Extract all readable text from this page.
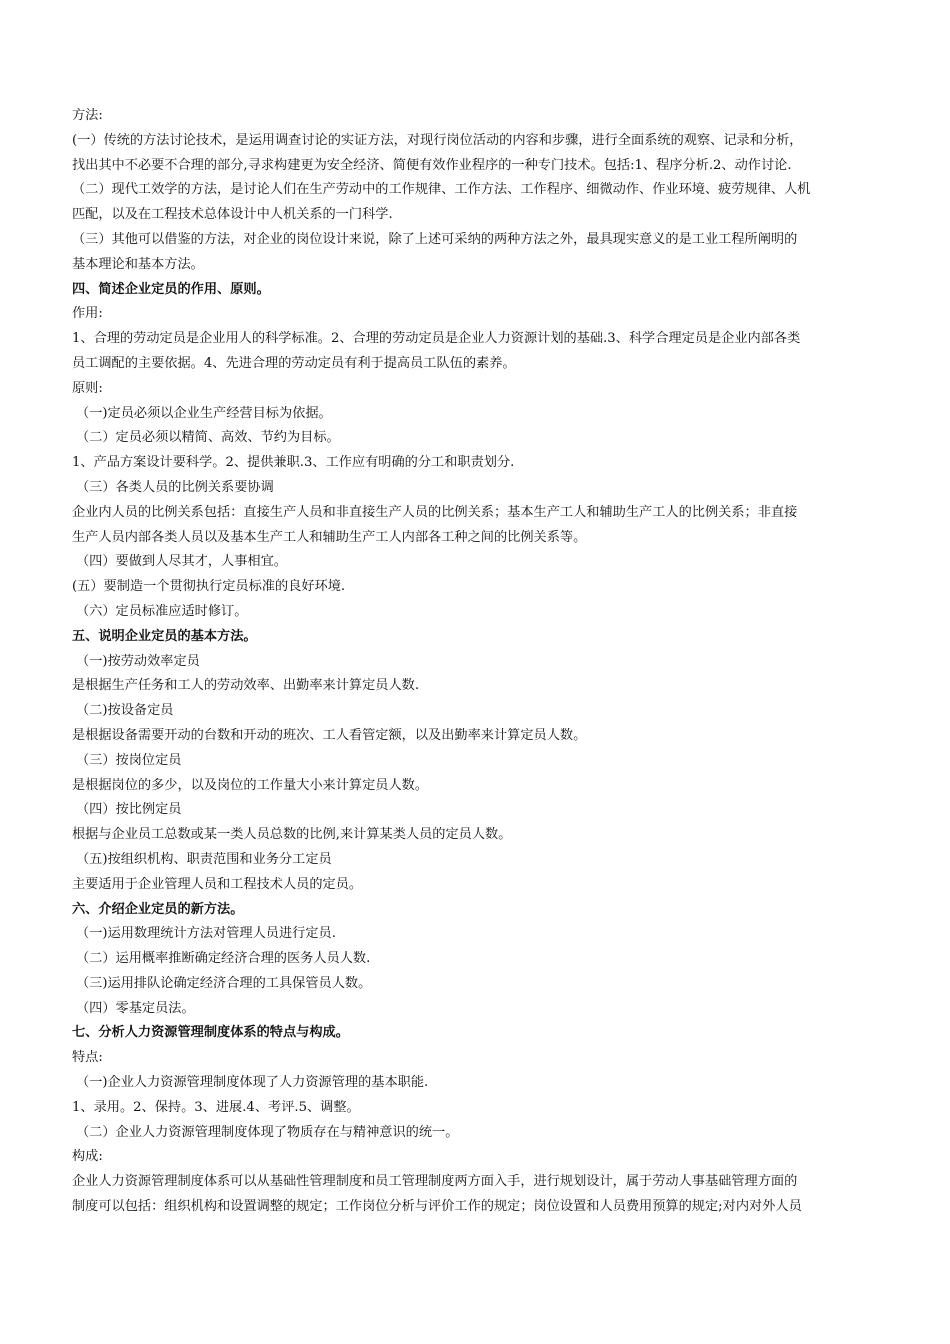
方法:
(一）传统的方法讨论技术，是运用调查讨论的实证方法，对现行岗位活动的内容和步骤，进行全面系统的观察、记录和分析，
找出其中不必要不合理的部分,寻求构建更为安全经济、简便有效作业程序的一种专门技术。包括:1、程序分析.2、动作讨论.
（二）现代工效学的方法，是讨论人们在生产劳动中的工作规律、工作方法、工作程序、细微动作、作业环境、疲劳规律、人机
匹配，以及在工程技术总体设计中人机关系的一门科学.
（三）其他可以借鉴的方法，对企业的岗位设计来说，除了上述可采纳的两种方法之外，最具现实意义的是工业工程所阐明的
基本理论和基本方法。
四、简述企业定员的作用、原则。
作用:
1、合理的劳动定员是企业用人的科学标准。2、合理的劳动定员是企业人力资源计划的基础.3、科学合理定员是企业内部各类
员工调配的主要依据。4、先进合理的劳动定员有利于提高员工队伍的素养。
原则:
（一)定员必须以企业生产经营目标为依据。
（二）定员必须以精简、高效、节约为目标。
1、产品方案设计要科学。2、提供兼职.3、工作应有明确的分工和职责划分.
（三）各类人员的比例关系要协调
企业内人员的比例关系包括：直接生产人员和非直接生产人员的比例关系；基本生产工人和辅助生产工人的比例关系；非直接
生产人员内部各类人员以及基本生产工人和辅助生产工人内部各工种之间的比例关系等。
（四）要做到人尽其才，人事相宜。
(五）要制造一个贯彻执行定员标准的良好环境.
（六）定员标准应适时修订。
五、说明企业定员的基本方法。
（一)按劳动效率定员
是根据生产任务和工人的劳动效率、出勤率来计算定员人数.
（二)按设备定员
是根据设备需要开动的台数和开动的班次、工人看管定额，以及出勤率来计算定员人数。
（三）按岗位定员
是根据岗位的多少，以及岗位的工作量大小来计算定员人数。
（四）按比例定员
根据与企业员工总数或某一类人员总数的比例,来计算某类人员的定员人数。
（五)按组织机构、职责范围和业务分工定员
主要适用于企业管理人员和工程技术人员的定员。
六、介绍企业定员的新方法。
（一)运用数理统计方法对管理人员进行定员.
（二）运用概率推断确定经济合理的医务人员人数.
（三)运用排队论确定经济合理的工具保管员人数。
（四）零基定员法。
七、分析人力资源管理制度体系的特点与构成。
特点:
（一)企业人力资源管理制度体现了人力资源管理的基本职能.
1、录用。2、保持。3、进展.4、考评.5、调整。
（二）企业人力资源管理制度体现了物质存在与精神意识的统一。
构成:
企业人力资源管理制度体系可以从基础性管理制度和员工管理制度两方面入手，进行规划设计，属于劳动人事基础管理方面的
制度可以包括：组织机构和设置调整的规定；工作岗位分析与评价工作的规定；岗位设置和人员费用预算的规定;对内对外人员
